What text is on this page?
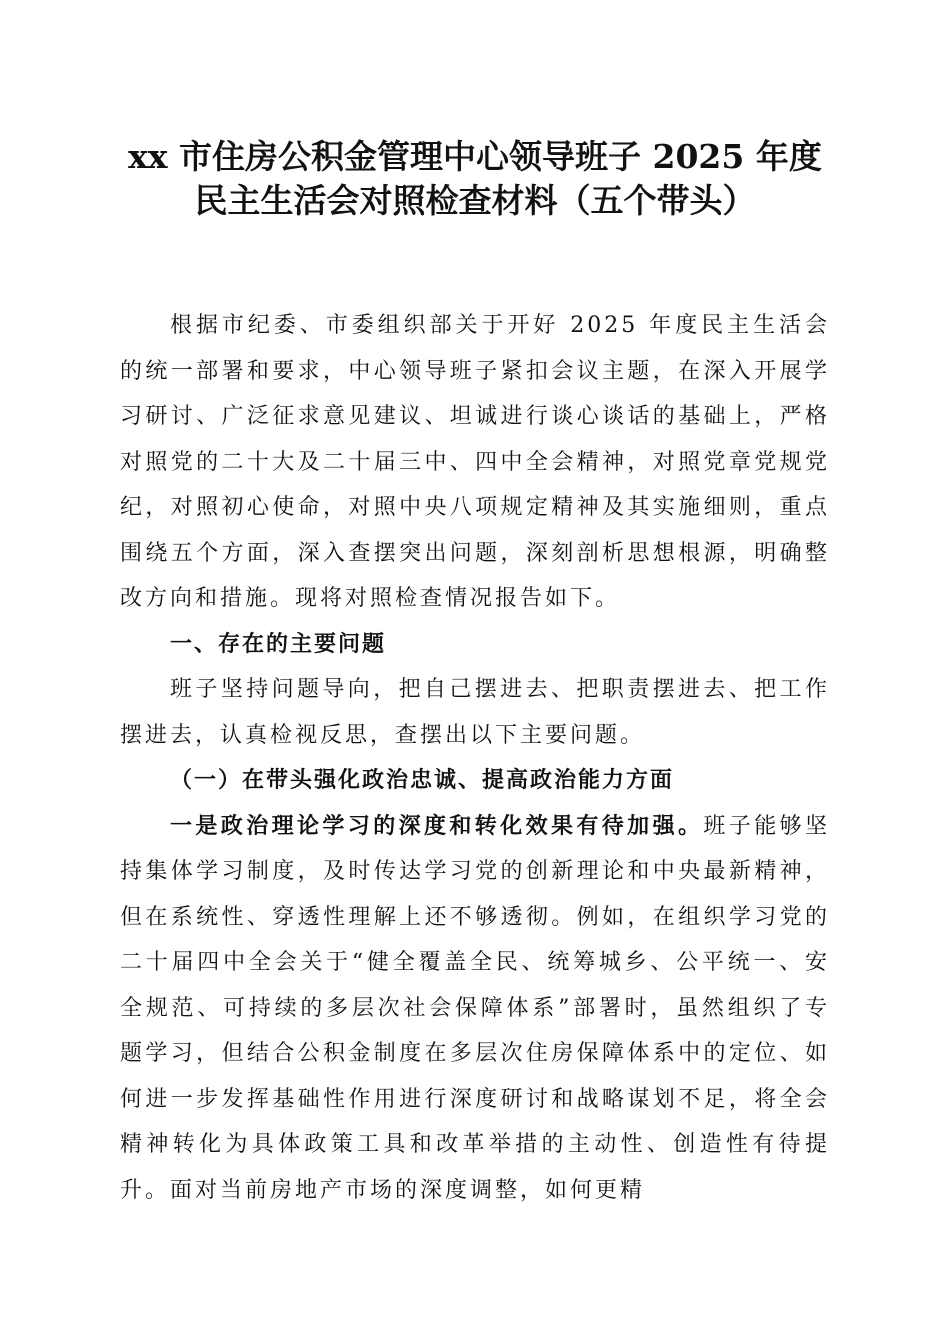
xx 市住房公积金管理中心领导班子 2025 年度
民主生活会对照检查材料（五个带头）

根据市纪委、市委组织部关于开好 2025 年度民主生活会的统一部署和要求，中心领导班子紧扣会议主题，在深入开展学习研讨、广泛征求意见建议、坦诚进行谈心谈话的基础上，严格对照党的二十大及二十届三中、四中全会精神，对照党章党规党纪，对照初心使命，对照中央八项规定精神及其实施细则，重点围绕五个方面，深入查摆突出问题，深刻剖析思想根源，明确整改方向和措施。现将对照检查情况报告如下。

一、存在的主要问题

班子坚持问题导向，把自己摆进去、把职责摆进去、把工作摆进去，认真检视反思，查摆出以下主要问题。

（一）在带头强化政治忠诚、提高政治能力方面

一是政治理论学习的深度和转化效果有待加强。班子能够坚持集体学习制度，及时传达学习党的创新理论和中央最新精神，但在系统性、穿透性理解上还不够透彻。例如，在组织学习党的二十届四中全会关于“健全覆盖全民、统筹城乡、公平统一、安全规范、可持续的多层次社会保障体系”部署时，虽然组织了专题学习，但结合公积金制度在多层次住房保障体系中的定位、如何进一步发挥基础性作用进行深度研讨和战略谋划不足，将全会精神转化为具体政策工具和改革举措的主动性、创造性有待提升。面对当前房地产市场的深度调整，如何更精
